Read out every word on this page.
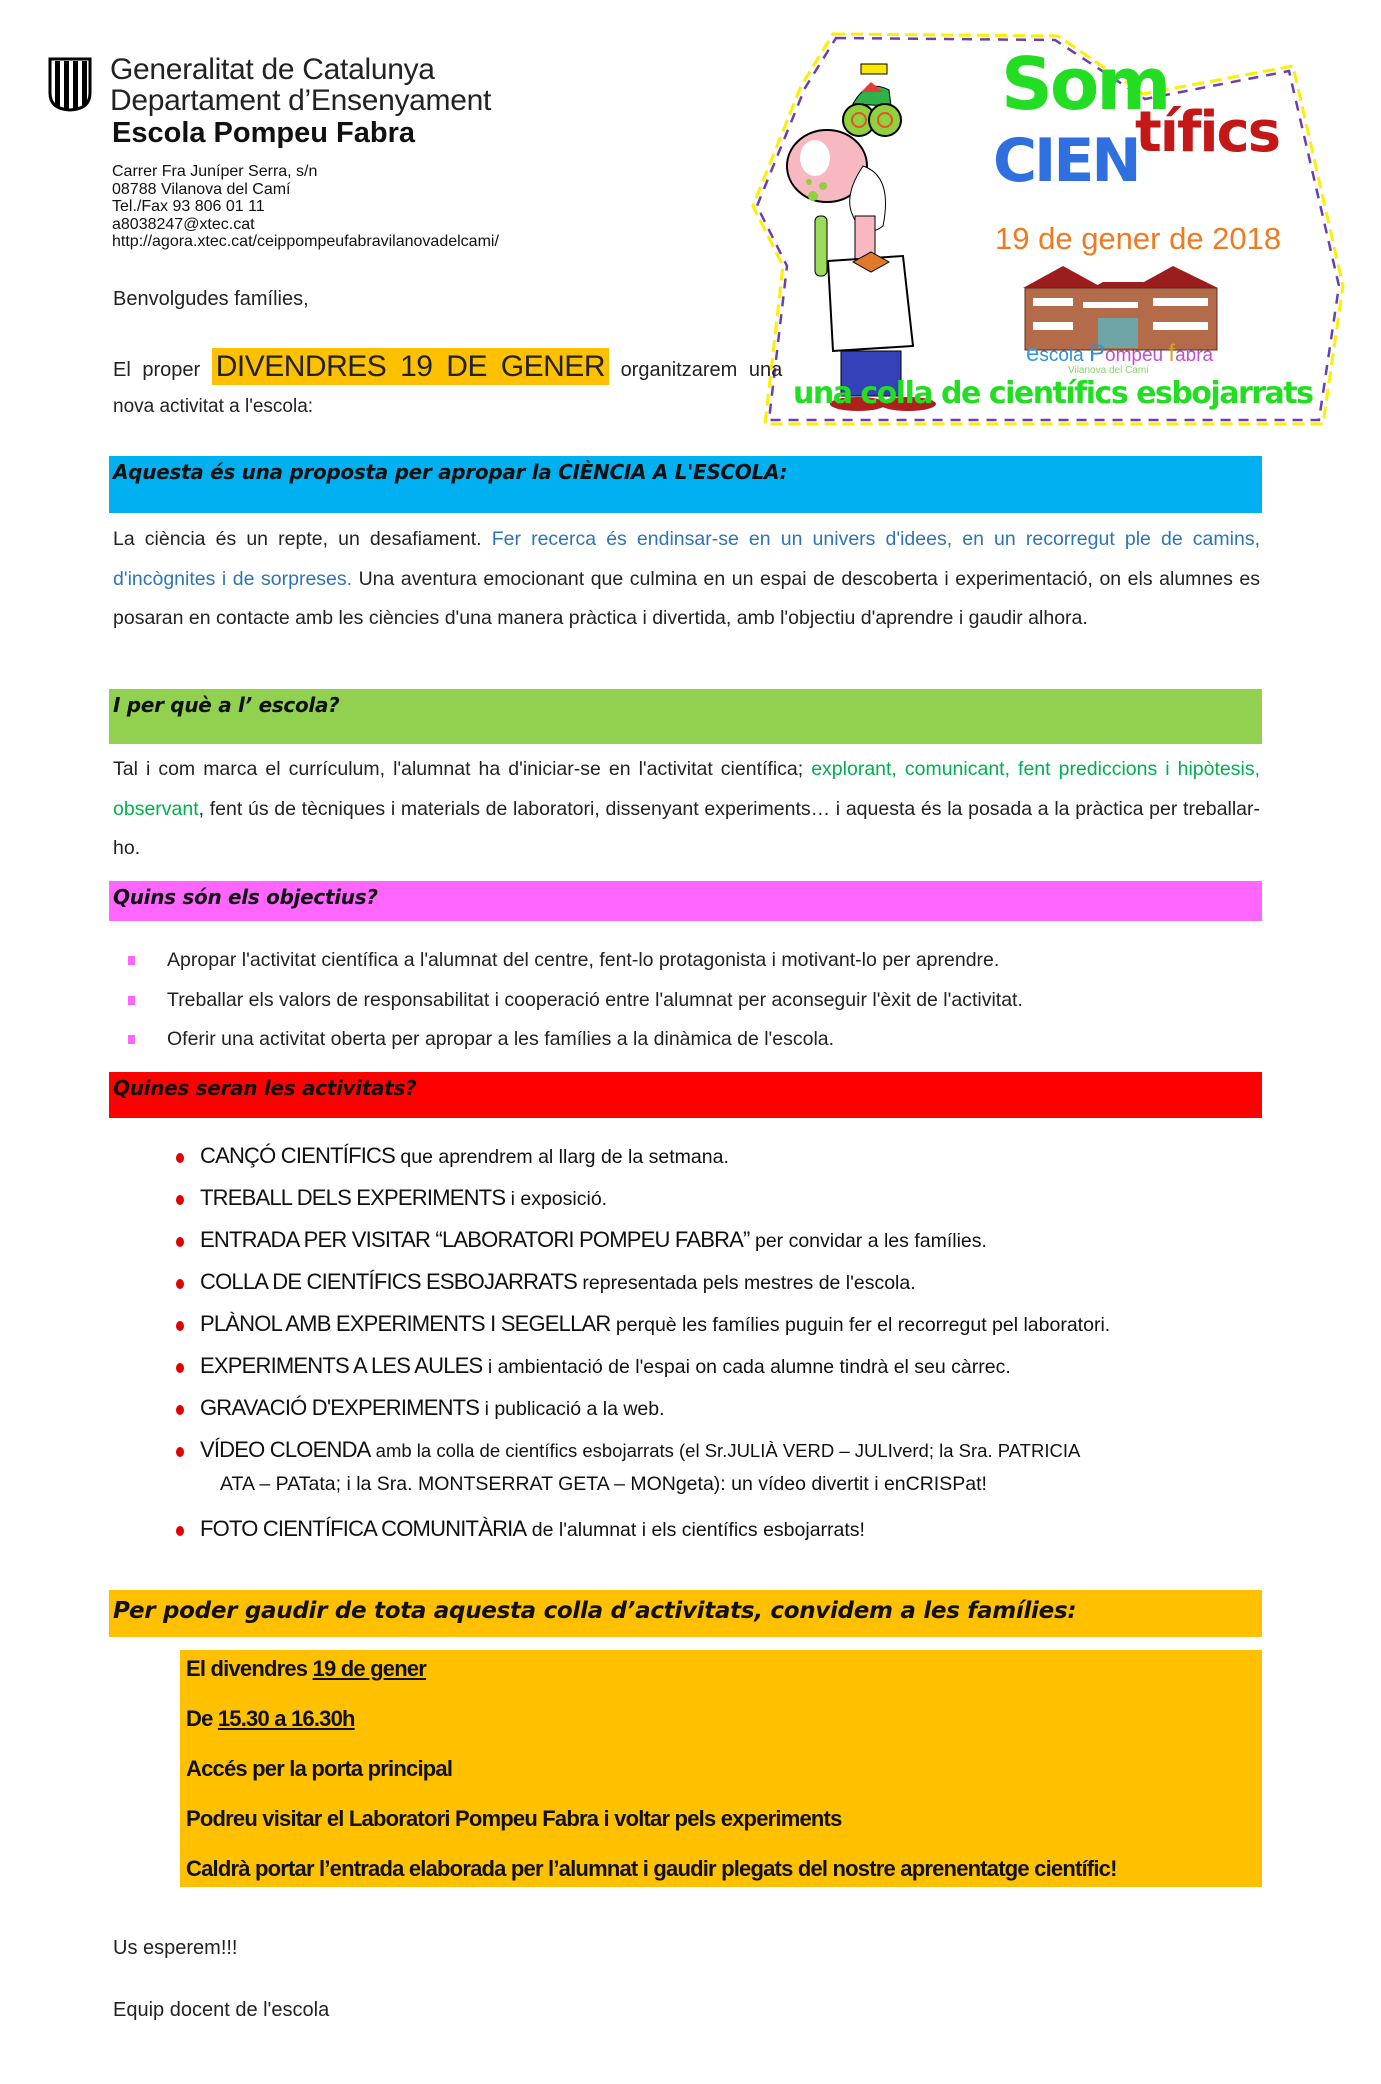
Generalitat de Catalunya
Departament d’Ensenyament
Escola Pompeu Fabra
Carrer Fra Juníper Serra, s/n
08788 Vilanova del Camí
Tel./Fax 93 806 01 11
a8038247@xtec.cat
http://agora.xtec.cat/ceippompeufabravilanovadelcami/
Som
CIEN
tífics
19 de gener de 2018
escola Pompeu fabra
Vilanova del Camí
una colla de científics esbojarrats
Benvolgudes famílies,
El proper DIVENDRES 19 DE GENER organitzarem una
nova activitat a l'escola:
Aquesta és una proposta per apropar la CIÈNCIA A L'ESCOLA:
La ciència és un repte, un desafiament. Fer recerca és endinsar-se en un univers d'idees, en un recorregut ple de camins, d'incògnites i de sorpreses. Una aventura emocionant que culmina en un espai de descoberta i experimentació, on els alumnes es posaran en contacte amb les ciències d'una manera pràctica i divertida, amb l'objectiu d'aprendre i gaudir alhora.
I per què a l’ escola?
Tal i com marca el currículum, l'alumnat ha d'iniciar-se en l'activitat científica; explorant, comunicant, fent prediccions i hipòtesis, observant, fent ús de tècniques i materials de laboratori, dissenyant experiments… i aquesta és la posada a la pràctica per treballar-ho.
Quins són els objectius?
Apropar l'activitat científica a l'alumnat del centre, fent-lo protagonista i motivant-lo per aprendre.
Treballar els valors de responsabilitat i cooperació entre l'alumnat per aconseguir l'èxit de l'activitat.
Oferir una activitat oberta per apropar a les famílies a la dinàmica de l'escola.
Quines seran les activitats?
CANÇÓ CIENTÍFICS que aprendrem al llarg de la setmana.
TREBALL DELS EXPERIMENTS i exposició.
ENTRADA PER VISITAR “LABORATORI POMPEU FABRA” per convidar a les famílies.
COLLA DE CIENTÍFICS ESBOJARRATS representada pels mestres de l'escola.
PLÀNOL AMB EXPERIMENTS I SEGELLAR perquè les famílies puguin fer el recorregut pel laboratori.
EXPERIMENTS A LES AULES i ambientació de l'espai on cada alumne tindrà el seu càrrec.
GRAVACIÓ D'EXPERIMENTS i publicació a la web.
VÍDEO CLOENDA amb la colla de científics esbojarrats (el Sr.JULIÀ VERD – JULIverd; la Sra. PATRICIA
ATA – PATata; i la Sra. MONTSERRAT GETA – MONgeta): un vídeo divertit i enCRISPat!
FOTO CIENTÍFICA COMUNITÀRIA de l'alumnat i els científics esbojarrats!
Per poder gaudir de tota aquesta colla d’activitats, convidem a les famílies:
El divendres 19 de gener
De 15.30 a 16.30h
Accés per la porta principal
Podreu visitar el Laboratori Pompeu Fabra i voltar pels experiments
Caldrà portar l’entrada elaborada per l’alumnat i gaudir plegats del nostre aprenentatge científic!
Us esperem!!!
Equip docent de l'escola
